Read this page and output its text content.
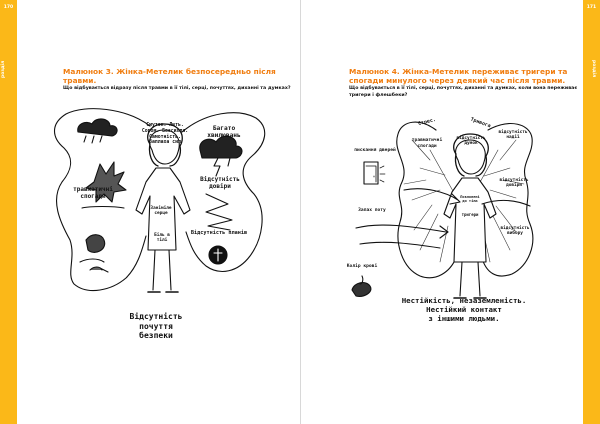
170	171
розділ	розділ
Малюнок 3. Жінка-Метелик безпосередньо після
травми.
Що відбувається відразу після травми в її тілі, серці, почуттях, диханні та думках?
Малюнок 4. Жінка-Метелик переживає тригери та
спогади минулого через деякий час після травми.
Що відбувається в її тілі, серці, почуттях, диханні та думках, коли вона переживає
тригери і флешбеки?
Смуток. Лють.
Сором. Безсилля.
Самотність.
Заплаха сил
Багато
хвилювань
травматичні
спогади
Заніміле
серце
Біль в
тілі
Відсутність
довіри
Відсутність планів
Відсутність
почуття
безпеки
Стрес.	Тривога
пискання дверей
травматичні
спогади
відсутність
думок
відсутність
надії
відсутність
довіри
Поклонені
до тіла
тригери
Запах поту
відсутність вибору
Колір крові
Нестійкість, незаземленість.
Нестійкий контакт
з іншими людьми.
